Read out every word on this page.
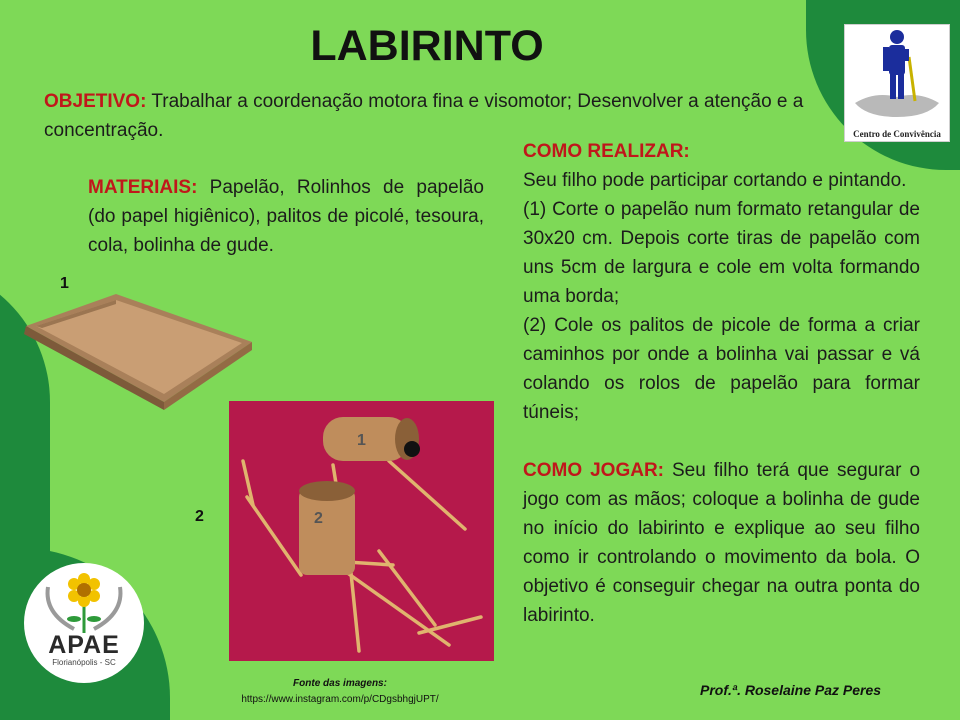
Centro de Convivência
APAE
Florianópolis - SC
LABIRINTO

OBJETIVO: Trabalhar a coordenação motora fina e visomotor; Desenvolver a atenção e a concentração.

MATERIAIS: Papelão, Rolinhos de papelão (do papel higiênico), palitos de picolé, tesoura, cola, bolinha de gude.

COMO REALIZAR:

Seu filho pode participar cortando e pintando.

(1) Corte o papelão num formato retangular de 30x20 cm. Depois corte tiras de papelão com uns 5cm de largura e cole em volta formando uma borda;

(2) Cole os palitos de picole de forma a criar caminhos por onde a bolinha vai passar e vá colando os rolos de papelão para formar túneis;

COMO JOGAR: Seu filho terá que segurar o jogo com as mãos; coloque a bolinha de gude no início do labirinto e explique ao seu filho como ir controlando o movimento da bola. O objetivo é conseguir chegar na outra ponta do labirinto.

1
2
1
2
Fonte das imagens:
https://www.instagram.com/p/CDgsbhgjUPT/
Prof.ª. Roselaine Paz Peres
